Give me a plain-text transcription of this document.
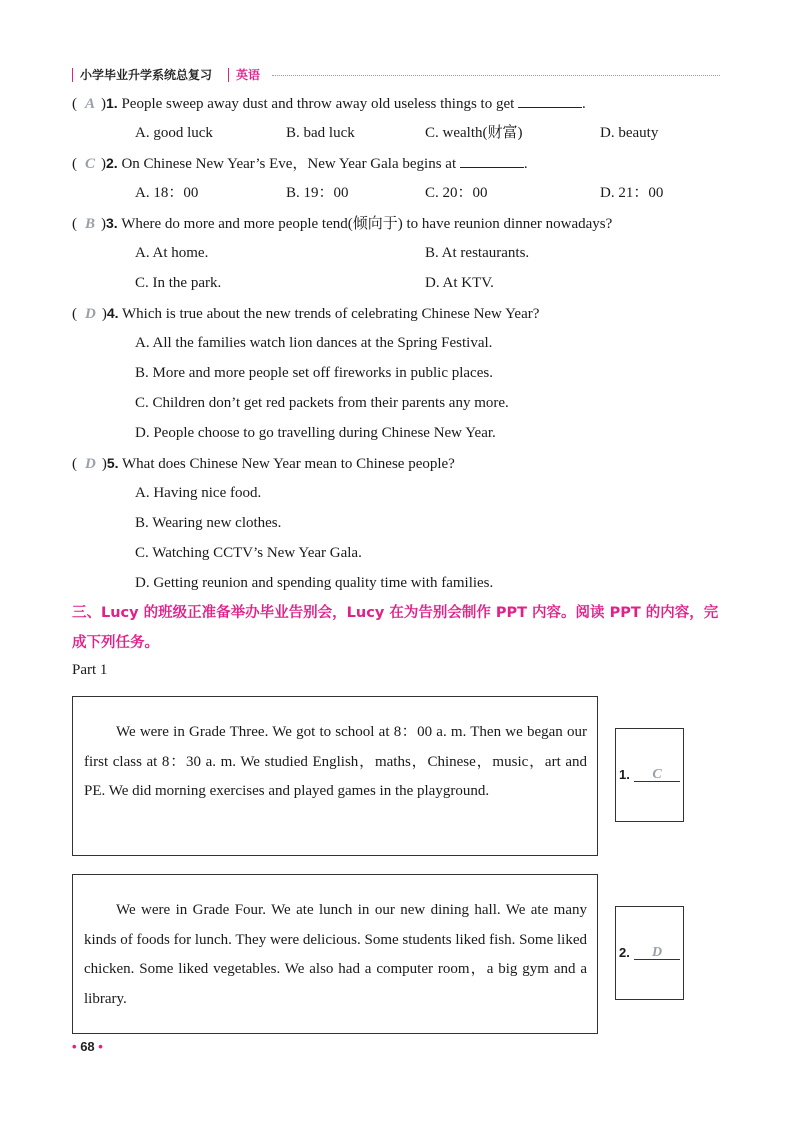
小学毕业升学系统总复习 英语
( A )1. People sweep away dust and throw away old useless things to get	.
A. good luck	B. bad luck	C. wealth(财富)	D. beauty
( C )2. On Chinese New Year’s Eve，New Year Gala begins at	.
A. 18：00	B. 19：00	C. 20：00	D. 21：00
( B )3. Where do more and more people tend(倾向于) to have reunion dinner nowadays?
A. At home.	B. At restaurants.
C. In the park.	D. At KTV.
( D )4. Which is true about the new trends of celebrating Chinese New Year?
A. All the families watch lion dances at the Spring Festival.
B. More and more people set off fireworks in public places.
C. Children don’t get red packets from their parents any more.
D. People choose to go travelling during Chinese New Year.
( D )5. What does Chinese New Year mean to Chinese people?
A. Having nice food.
B. Wearing new clothes.
C. Watching CCTV’s New Year Gala.
D. Getting reunion and spending quality time with families.
三、Lucy 的班级正准备举办毕业告别会，Lucy 在为告别会制作 PPT 内容。阅读 PPT 的内容，完成下列任务。
Part 1

We were in Grade Three. We got to school at 8：00 a. m. Then we began our first class at 8：30 a. m. We studied English，maths，Chinese，music，art and PE. We did morning exercises and played games in the playground.

1.	C

We were in Grade Four. We ate lunch in our new dining hall. We ate many kinds of foods for lunch. They were delicious. Some students liked fish. Some liked chicken. Some liked vegetables. We also had a computer room，a big gym and a library.

2.	D
• 68 •
